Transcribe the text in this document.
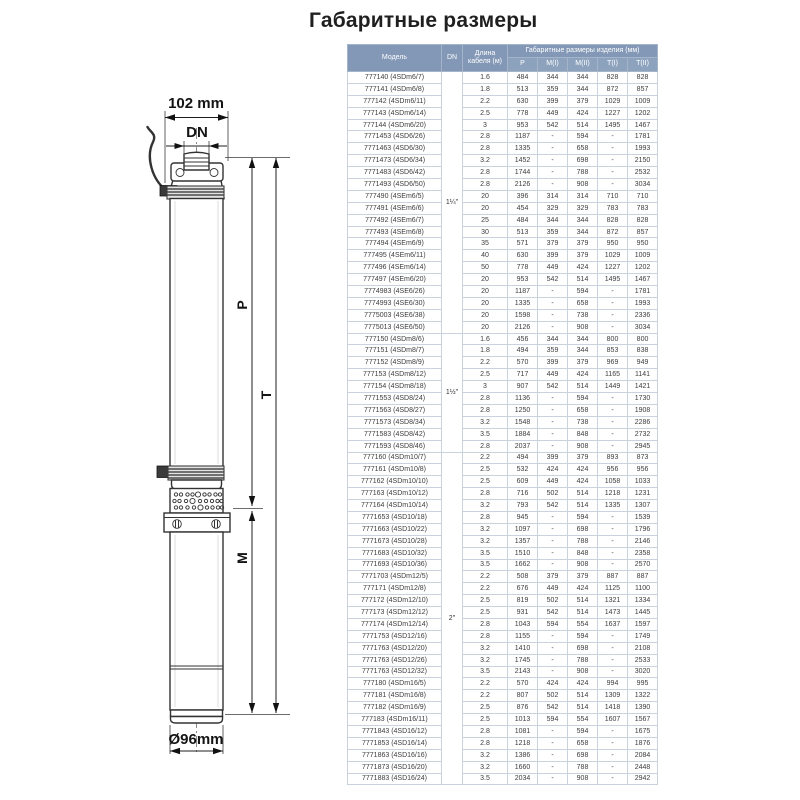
Габаритные размеры
102 mm
DN
Ø96mm
P
M
T
Модель	DN	Длина кабеля (м)	Габаритные размеры изделия (мм)				
			P	М(I)	М(II)	Т(I)	Т(II)
777140 (4SDm6/7)	1¼"	1.6	484	344	344	828	828
777141 (4SDm6/8)		1.8	513	359	344	872	857
777142 (4SDm6/11)		2.2	630	399	379	1029	1009
777143 (4SDm6/14)		2.5	778	449	424	1227	1202
777144 (4SDm6/20)		3	953	542	514	1495	1467
7771453 (4SD6/26)		2.8	1187	-	594	-	1781
7771463 (4SD6/30)		2.8	1335	-	658	-	1993
7771473 (4SD6/34)		3.2	1452	-	698	-	2150
7771483 (4SD6/42)		2.8	1744	-	788	-	2532
7771493 (4SD6/50)		2.8	2126	-	908	-	3034
777490 (4SEm6/5)		20	396	314	314	710	710
777491 (4SEm6/6)		20	454	329	329	783	783
777492 (4SEm6/7)		25	484	344	344	828	828
777493 (4SEm6/8)		30	513	359	344	872	857
777494 (4SEm6/9)		35	571	379	379	950	950
777495 (4SEm6/11)		40	630	399	379	1029	1009
777496 (4SEm6/14)		50	778	449	424	1227	1202
777497 (4SEm6/20)		20	953	542	514	1495	1467
7774983 (4SE6/26)		20	1187	-	594	-	1781
7774993 (4SE6/30)		20	1335	-	658	-	1993
7775003 (4SE6/38)		20	1598	-	738	-	2336
7775013 (4SE6/50)		20	2126	-	908	-	3034
777150 (4SDm8/6)	1½"	1.6	456	344	344	800	800
777151 (4SDm8/7)		1.8	494	359	344	853	838
777152 (4SDm8/9)		2.2	570	399	379	969	949
777153 (4SDm8/12)		2.5	717	449	424	1165	1141
777154 (4SDm8/18)		3	907	542	514	1449	1421
7771553 (4SD8/24)		2.8	1136	-	594	-	1730
7771563 (4SD8/27)		2.8	1250	-	658	-	1908
7771573 (4SD8/34)		3.2	1548	-	738	-	2286
7771583 (4SD8/42)		3.5	1884	-	848	-	2732
7771593 (4SD8/46)		2.8	2037	-	908	-	2945
777160 (4SDm10/7)	2"	2.2	494	399	379	893	873
777161 (4SDm10/8)		2.5	532	424	424	956	956
777162 (4SDm10/10)		2.5	609	449	424	1058	1033
777163 (4SDm10/12)		2.8	716	502	514	1218	1231
777164 (4SDm10/14)		3.2	793	542	514	1335	1307
7771653 (4SD10/18)		2.8	945	-	594	-	1539
7771663 (4SD10/22)		3.2	1097	-	698	-	1796
7771673 (4SD10/28)		3.2	1357	-	788	-	2146
7771683 (4SD10/32)		3.5	1510	-	848	-	2358
7771693 (4SD10/36)		3.5	1662	-	908	-	2570
7771703 (4SDm12/5)		2.2	508	379	379	887	887
777171 (4SDm12/8)		2.2	676	449	424	1125	1100
777172 (4SDm12/10)		2.5	819	502	514	1321	1334
777173 (4SDm12/12)		2.5	931	542	514	1473	1445
777174 (4SDm12/14)		2.8	1043	594	554	1637	1597
7771753 (4SD12/16)		2.8	1155	-	594	-	1749
7771763 (4SD12/20)		3.2	1410	-	698	-	2108
7771763 (4SD12/26)		3.2	1745	-	788	-	2533
7771763 (4SD12/32)		3.5	2143	-	908	-	3020
777180 (4SDm16/5)		2.2	570	424	424	994	995
777181 (4SDm16/8)		2.2	807	502	514	1309	1322
777182 (4SDm16/9)		2.5	876	542	514	1418	1390
777183 (4SDm16/11)		2.5	1013	594	554	1607	1567
7771843 (4SD16/12)		2.8	1081	-	594	-	1675
7771853 (4SD16/14)		2.8	1218	-	658	-	1876
7771863 (4SD16/16)		3.2	1386	-	698	-	2084
7771873 (4SD16/20)		3.2	1660	-	788	-	2448
7771883 (4SD16/24)		3.5	2034	-	908	-	2942
